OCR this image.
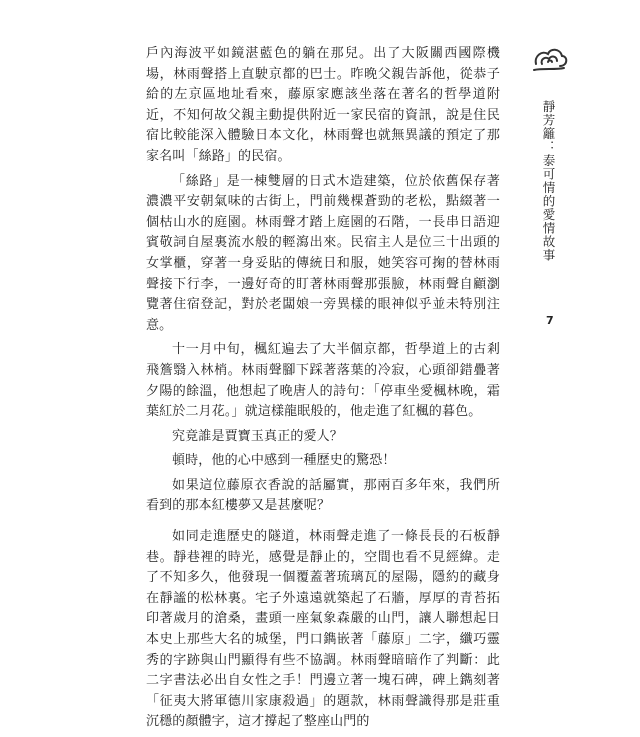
戶內海波平如鏡湛藍色的躺在那兒。出了大阪關西國際機場，林雨聲搭上直駛京都的巴士。昨晚父親告訴他，從恭子給的左京區地址看來，藤原家應該坐落在著名的哲學道附近，不知何故父親主動提供附近一家民宿的資訊，說是住民宿比較能深入體驗日本文化，林雨聲也就無異議的預定了那家名叫「絲路」的民宿。

「絲路」是一棟雙層的日式木造建築，位於依舊保存著濃濃平安朝氣味的古街上，門前幾棵蒼勁的老松，點綴著一個枯山水的庭園。林雨聲才踏上庭園的石階，一長串日語迎賓敬詞自屋裏流水般的輕瀉出來。民宿主人是位三十出頭的女掌櫃，穿著一身妥貼的傳統日和服，她笑容可掬的替林雨聲接下行李，一邊好奇的盯著林雨聲那張臉，林雨聲自顧瀏覽著住宿登記，對於老闆娘一旁異樣的眼神似乎並未特別注意。

十一月中旬，楓紅遍去了大半個京都，哲學道上的古剎飛簷翳入林梢。林雨聲腳下踩著落葉的冷寂，心頭卻錯疊著夕陽的餘溫，他想起了晚唐人的詩句：「停車坐愛楓林晚，霜葉紅於二月花。」就這樣龍眠般的，他走進了紅楓的暮色。

究竟誰是賈寶玉真正的愛人？

頓時，他的心中感到一種歷史的驚恐！

如果這位藤原衣香說的話屬實，那兩百多年來，我們所看到的那本紅樓夢又是甚麼呢？

如同走進歷史的隧道，林雨聲走進了一條長長的石板靜巷。靜巷裡的時光，感覺是靜止的，空間也看不見經緯。走了不知多久，他發現一個覆蓋著琉璃瓦的屋陽，隱約的藏身在靜謐的松林裏。宅子外遠遠就築起了石牆，厚厚的青苔拓印著歲月的滄桑，畫頭一座氣象森嚴的山門，讓人聯想起日本史上那些大名的城堡，門口鐫嵌著「藤原」二字，纖巧靈秀的字跡與山門顯得有些不協調。林雨聲暗暗作了判斷：此二字書法必出自女性之手！門邊立著一塊石碑，碑上鐫刻著「征夷大將軍德川家康殺過」的題款，林雨聲識得那是莊重沉穩的顏體字，這才撐起了整座山門的

靜芳籬：泰可情的愛情故事
7
